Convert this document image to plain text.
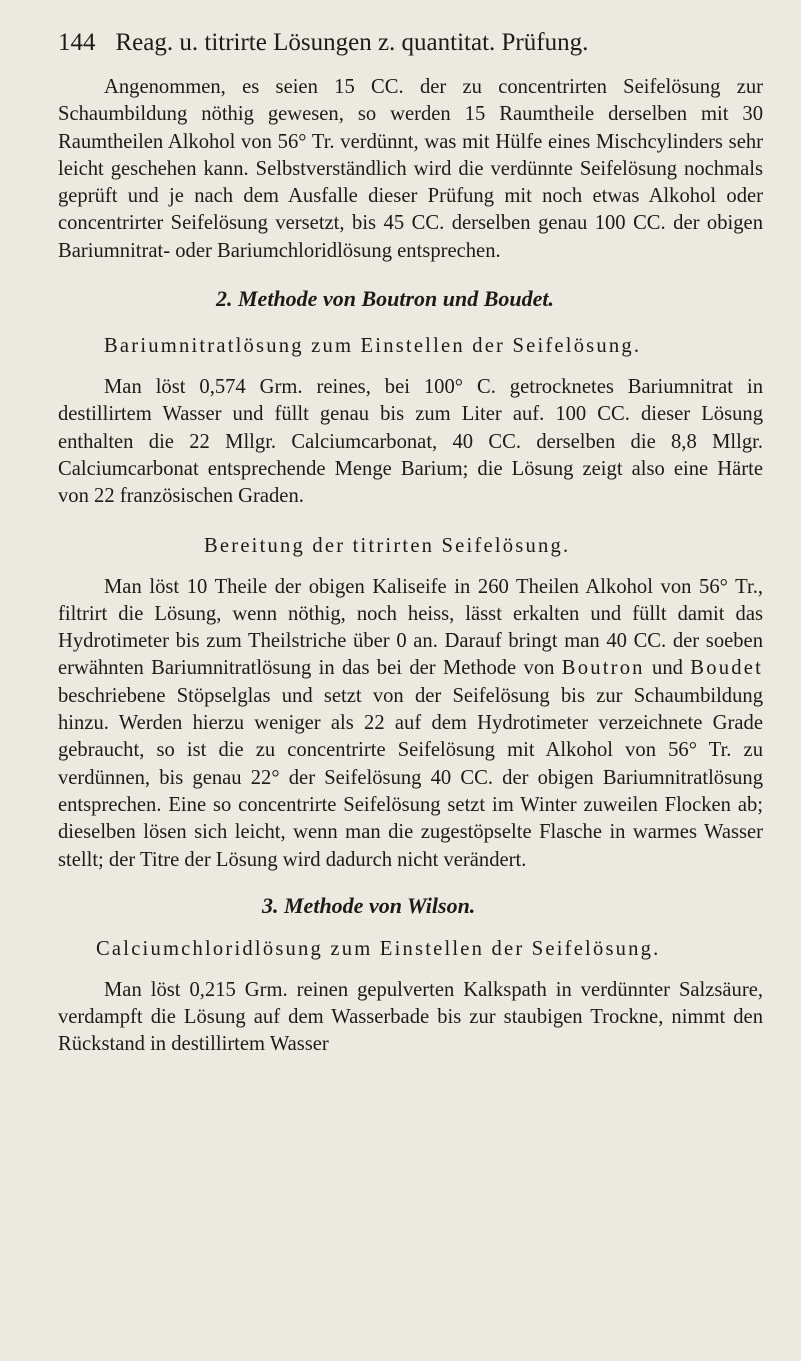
144 Reag. u. titrirte Lösungen z. quantitat. Prüfung.

Angenommen, es seien 15 CC. der zu concentrirten Seifelösung zur Schaumbildung nöthig gewesen, so werden 15 Raumtheile derselben mit 30 Raumtheilen Alkohol von 56° Tr. verdünnt, was mit Hülfe eines Mischcylinders sehr leicht geschehen kann. Selbstverständlich wird die verdünnte Seifelösung nochmals geprüft und je nach dem Ausfalle dieser Prüfung mit noch etwas Alkohol oder concentrirter Seifelösung versetzt, bis 45 CC. derselben genau 100 CC. der obigen Bariumnitrat- oder Bariumchloridlösung entsprechen.

2. Methode von Boutron und Boudet.
Bariumnitratlösung zum Einstellen der Seifelösung.

Man löst 0,574 Grm. reines, bei 100° C. getrocknetes Bariumnitrat in destillirtem Wasser und füllt genau bis zum Liter auf. 100 CC. dieser Lösung enthalten die 22 Mllgr. Calciumcarbonat, 40 CC. derselben die 8,8 Mllgr. Calciumcarbonat entsprechende Menge Barium; die Lösung zeigt also eine Härte von 22 französischen Graden.

Bereitung der titrirten Seifelösung.

Man löst 10 Theile der obigen Kaliseife in 260 Theilen Alkohol von 56° Tr., filtrirt die Lösung, wenn nöthig, noch heiss, lässt erkalten und füllt damit das Hydrotimeter bis zum Theilstriche über 0 an. Darauf bringt man 40 CC. der soeben erwähnten Bariumnitratlösung in das bei der Methode von Boutron und Boudet beschriebene Stöpselglas und setzt von der Seifelösung bis zur Schaumbildung hinzu. Werden hierzu weniger als 22 auf dem Hydrotimeter verzeichnete Grade gebraucht, so ist die zu concentrirte Seifelösung mit Alkohol von 56° Tr. zu verdünnen, bis genau 22° der Seifelösung 40 CC. der obigen Bariumnitratlösung entsprechen. Eine so concentrirte Seifelösung setzt im Winter zuweilen Flocken ab; dieselben lösen sich leicht, wenn man die zugestöpselte Flasche in warmes Wasser stellt; der Titre der Lösung wird dadurch nicht verändert.

3. Methode von Wilson.
Calciumchloridlösung zum Einstellen der Seifelösung.

Man löst 0,215 Grm. reinen gepulverten Kalkspath in verdünnter Salzsäure, verdampft die Lösung auf dem Wasserbade bis zur staubigen Trockne, nimmt den Rückstand in destillirtem Wasser
